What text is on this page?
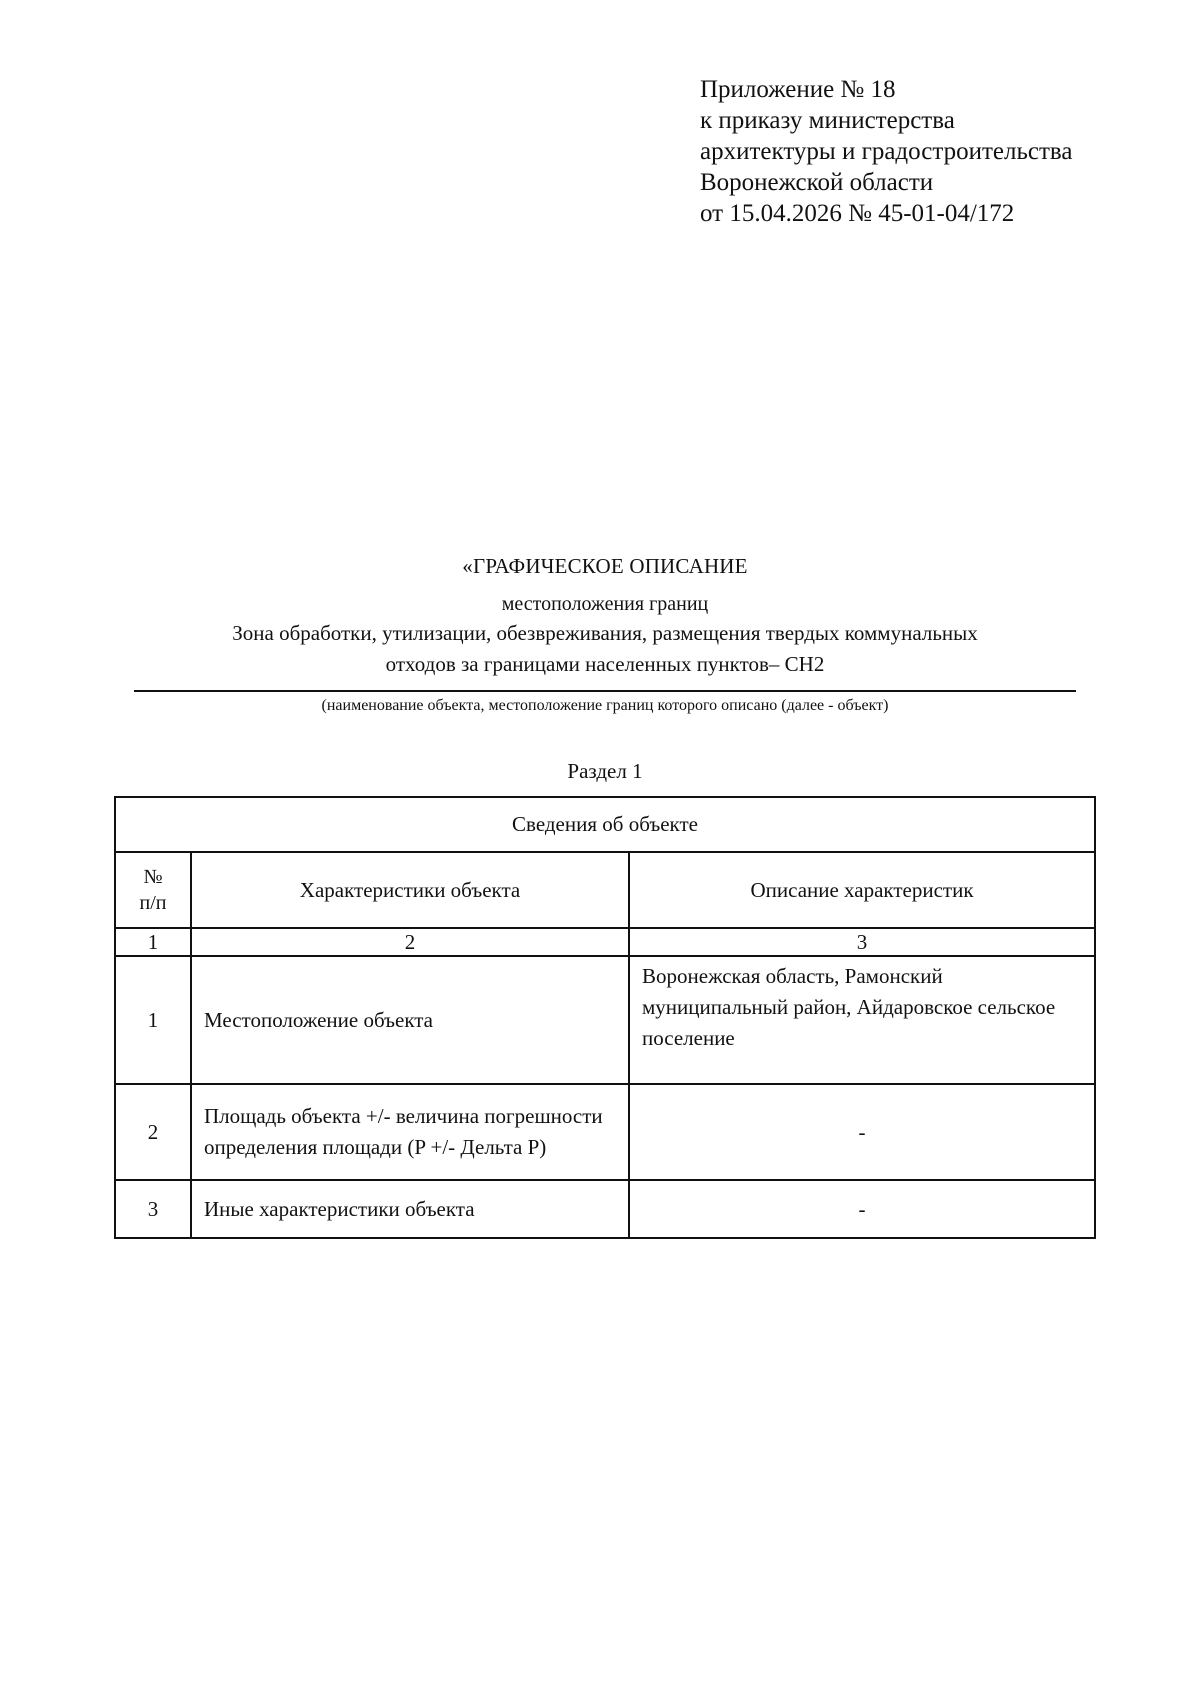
Приложение № 18
к приказу министерства
архитектуры и градостроительства
Воронежской области
от 15.04.2026 № 45-01-04/172
«ГРАФИЧЕСКОЕ ОПИСАНИЕ
местоположения границ
Зона обработки, утилизации, обезвреживания, размещения твердых коммунальных
отходов за границами населенных пунктов– СН2
(наименование объекта, местоположение границ которого описано (далее - объект)
Раздел 1
Сведения об объекте		
№
п/п	Характеристики объекта	Описание характеристик
1	2	3
1	Местоположение объекта	Воронежская область, Рамонский муниципальный район, Айдаровское сельское поселение
2	Площадь объекта +/- величина погрешности определения площади (P +/- Дельта P)	-
3	Иные характеристики объекта	-
